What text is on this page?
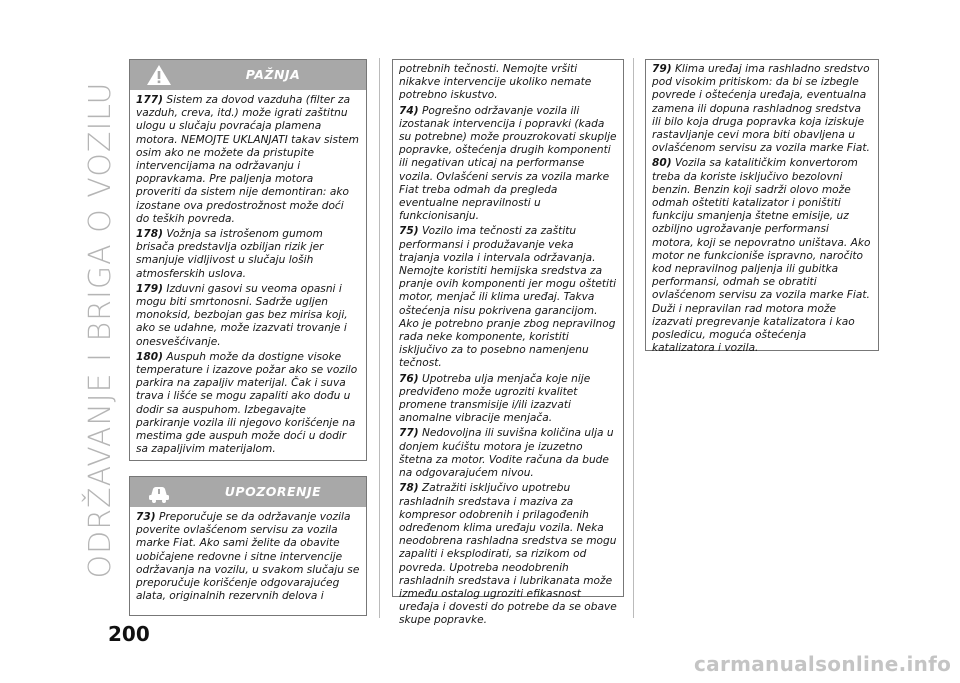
ODRŽAVANJE I BRIGA O VOZILU
PAŽNJA

177) Sistem za dovod vazduha (filter za vazduh, creva, itd.) može igrati zaštitnu ulogu u slučaju povraćaja plamena motora. NEMOJTE UKLANJATI takav sistem osim ako ne možete da pristupite intervencijama na održavanju i popravkama. Pre paljenja motora proveriti da sistem nije demontiran: ako izostane ova predostrožnost može doći do teških povreda.

178) Vožnja sa istrošenom gumom brisača predstavlja ozbiljan rizik jer smanjuje vidljivost u slučaju loših atmosferskih uslova.

179) Izduvni gasovi su veoma opasni i mogu biti smrtonosni. Sadrže ugljen monoksid, bezbojan gas bez mirisa koji, ako se udahne, može izazvati trovanje i onesvešćivanje.

180) Auspuh može da dostigne visoke temperature i izazove požar ako se vozilo parkira na zapaljiv materijal. Čak i suva trava i lišće se mogu zapaliti ako dođu u dodir sa auspuhom. Izbegavajte parkiranje vozila ili njegovo korišćenje na mestima gde auspuh može doći u dodir sa zapaljivim materijalom.

UPOZORENJE

73) Preporučuje se da održavanje vozila poverite ovlašćenom servisu za vozila marke Fiat. Ako sami želite da obavite uobičajene redovne i sitne intervencije održavanja na vozilu, u svakom slučaju se preporučuje korišćenje odgovarajućeg alata, originalnih rezervnih delova i

potrebnih tečnosti. Nemojte vršiti nikakve intervencije ukoliko nemate potrebno iskustvo.

74) Pogrešno održavanje vozila ili izostanak intervencija i popravki (kada su potrebne) može prouzrokovati skuplje popravke, oštećenja drugih komponenti ili negativan uticaj na performanse vozila. Ovlašćeni servis za vozila marke Fiat treba odmah da pregleda eventualne nepravilnosti u funkcionisanju.

75) Vozilo ima tečnosti za zaštitu performansi i produžavanje veka trajanja vozila i intervala održavanja. Nemojte koristiti hemijska sredstva za pranje ovih komponenti jer mogu oštetiti motor, menjač ili klima uređaj. Takva oštećenja nisu pokrivena garancijom. Ako je potrebno pranje zbog nepravilnog rada neke komponente, koristiti isključivo za to posebno namenjenu tečnost.

76) Upotreba ulja menjača koje nije predviđeno može ugroziti kvalitet promene transmisije i/ili izazvati anomalne vibracije menjača.

77) Nedovoljna ili suvišna količina ulja u donjem kućištu motora je izuzetno štetna za motor. Vodite računa da bude na odgovarajućem nivou.

78) Zatražiti isključivo upotrebu rashladnih sredstava i maziva za kompresor odobrenih i prilagođenih određenom klima uređaju vozila. Neka neodobrena rashladna sredstva se mogu zapaliti i eksplodirati, sa rizikom od povreda. Upotreba neodobrenih rashladnih sredstava i lubrikanata može između ostalog ugroziti efikasnost uređaja i dovesti do potrebe da se obave skupe popravke.

79) Klima uređaj ima rashladno sredstvo pod visokim pritiskom: da bi se izbegle povrede i oštećenja uređaja, eventualna zamena ili dopuna rashladnog sredstva ili bilo koja druga popravka koja iziskuje rastavljanje cevi mora biti obavljena u ovlašćenom servisu za vozila marke Fiat.

80) Vozila sa katalitičkim konvertorom treba da koriste isključivo bezolovni benzin. Benzin koji sadrži olovo može odmah oštetiti katalizator i poništiti funkciju smanjenja štetne emisije, uz ozbiljno ugrožavanje performansi motora, koji se nepovratno uništava. Ako motor ne funkcioniše ispravno, naročito kod nepravilnog paljenja ili gubitka performansi, odmah se obratiti ovlašćenom servisu za vozila marke Fiat. Duži i nepravilan rad motora može izazvati pregrevanje katalizatora i kao posledicu, moguća oštećenja katalizatora i vozila.

200
carmanualsonline.info
